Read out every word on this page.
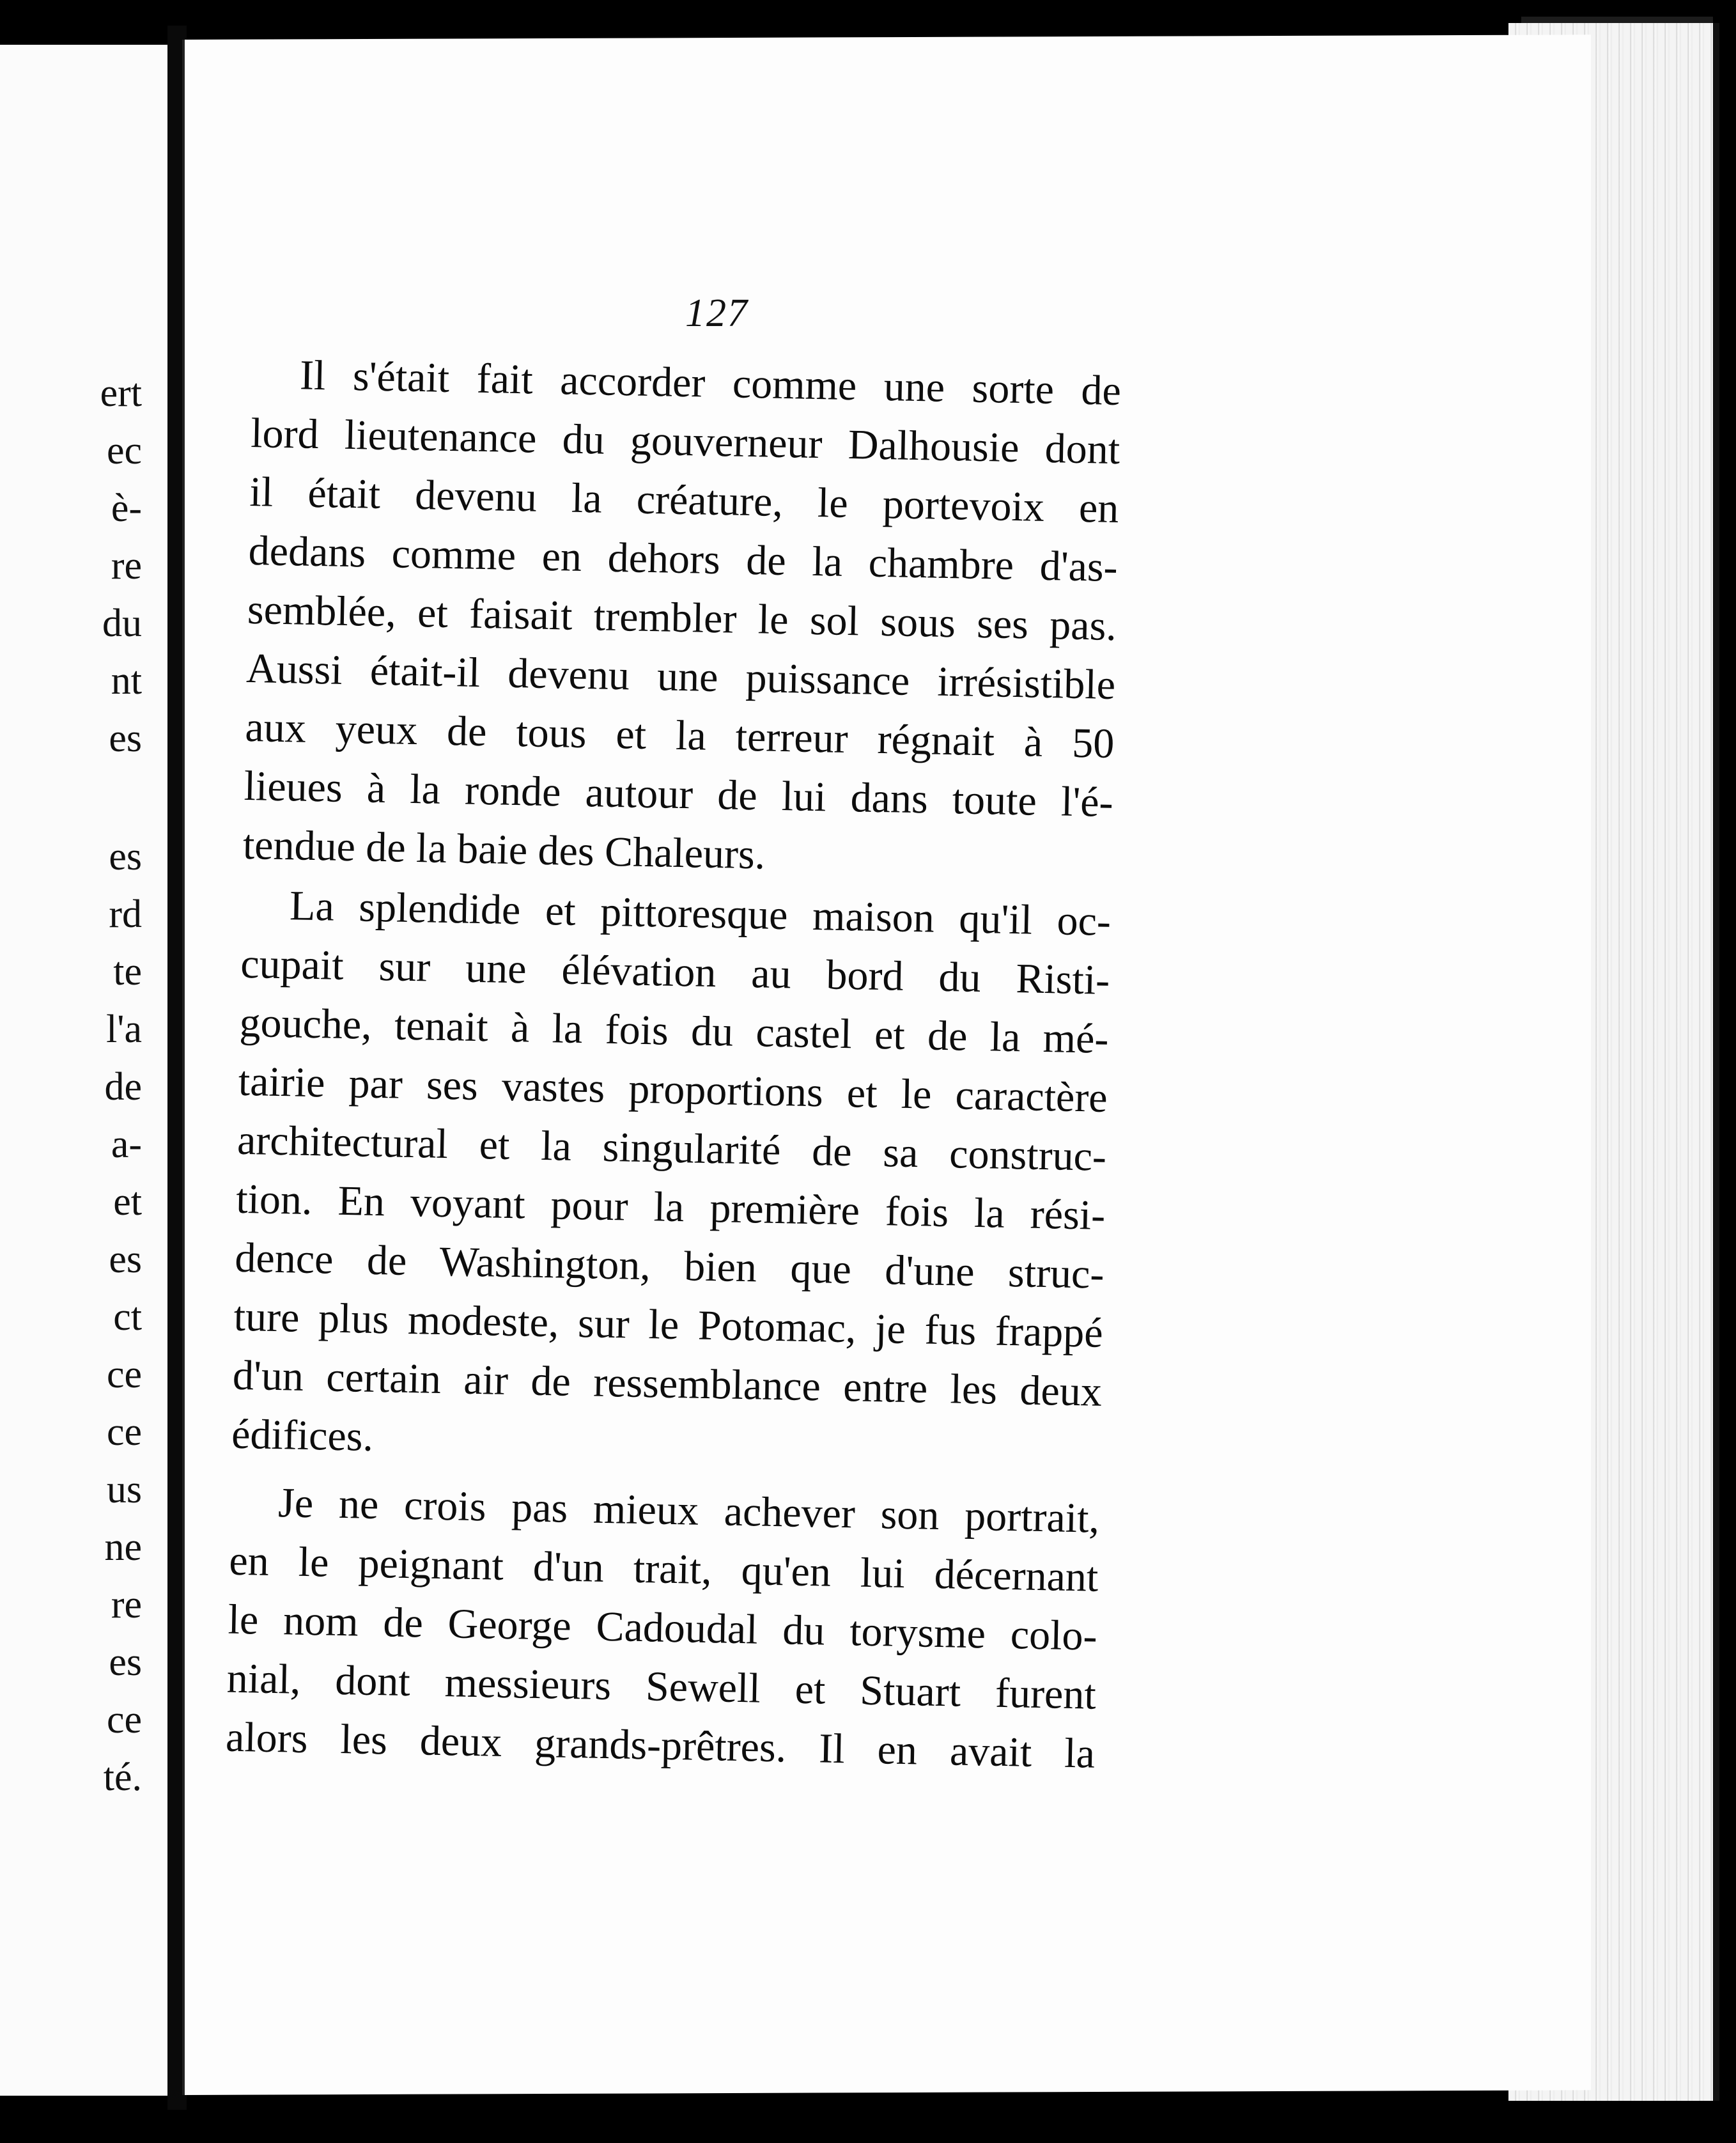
ert
ec
è-
re
du
nt
es
es
rd
te
l'a
de
a-
et
es
ct
ce
ce
us
ne
re
es
ce
té.
127
Il s'était fait accorder comme une sorte de
lord lieutenance du gouverneur Dalhousie dont
il était devenu la créature, le portevoix en
dedans comme en dehors de la chambre d'as-
semblée, et faisait trembler le sol sous ses pas.
Aussi était-il devenu une puissance irrésistible
aux yeux de tous et la terreur régnait à 50
lieues à la ronde autour de lui dans toute l'é-
tendue de la baie des Chaleurs.
La splendide et pittoresque maison qu'il oc-
cupait sur une élévation au bord du Risti-
gouche, tenait à la fois du castel et de la mé-
tairie par ses vastes proportions et le caractère
architectural et la singularité de sa construc-
tion. En voyant pour la première fois la rési-
dence de Washington, bien que d'une struc-
ture plus modeste, sur le Potomac, je fus frappé
d'un certain air de ressemblance entre les deux
édifices.
Je ne crois pas mieux achever son portrait,
en le peignant d'un trait, qu'en lui décernant
le nom de George Cadoudal du torysme colo-
nial, dont messieurs Sewell et Stuart furent
alors les deux grands-prêtres. Il en avait la
